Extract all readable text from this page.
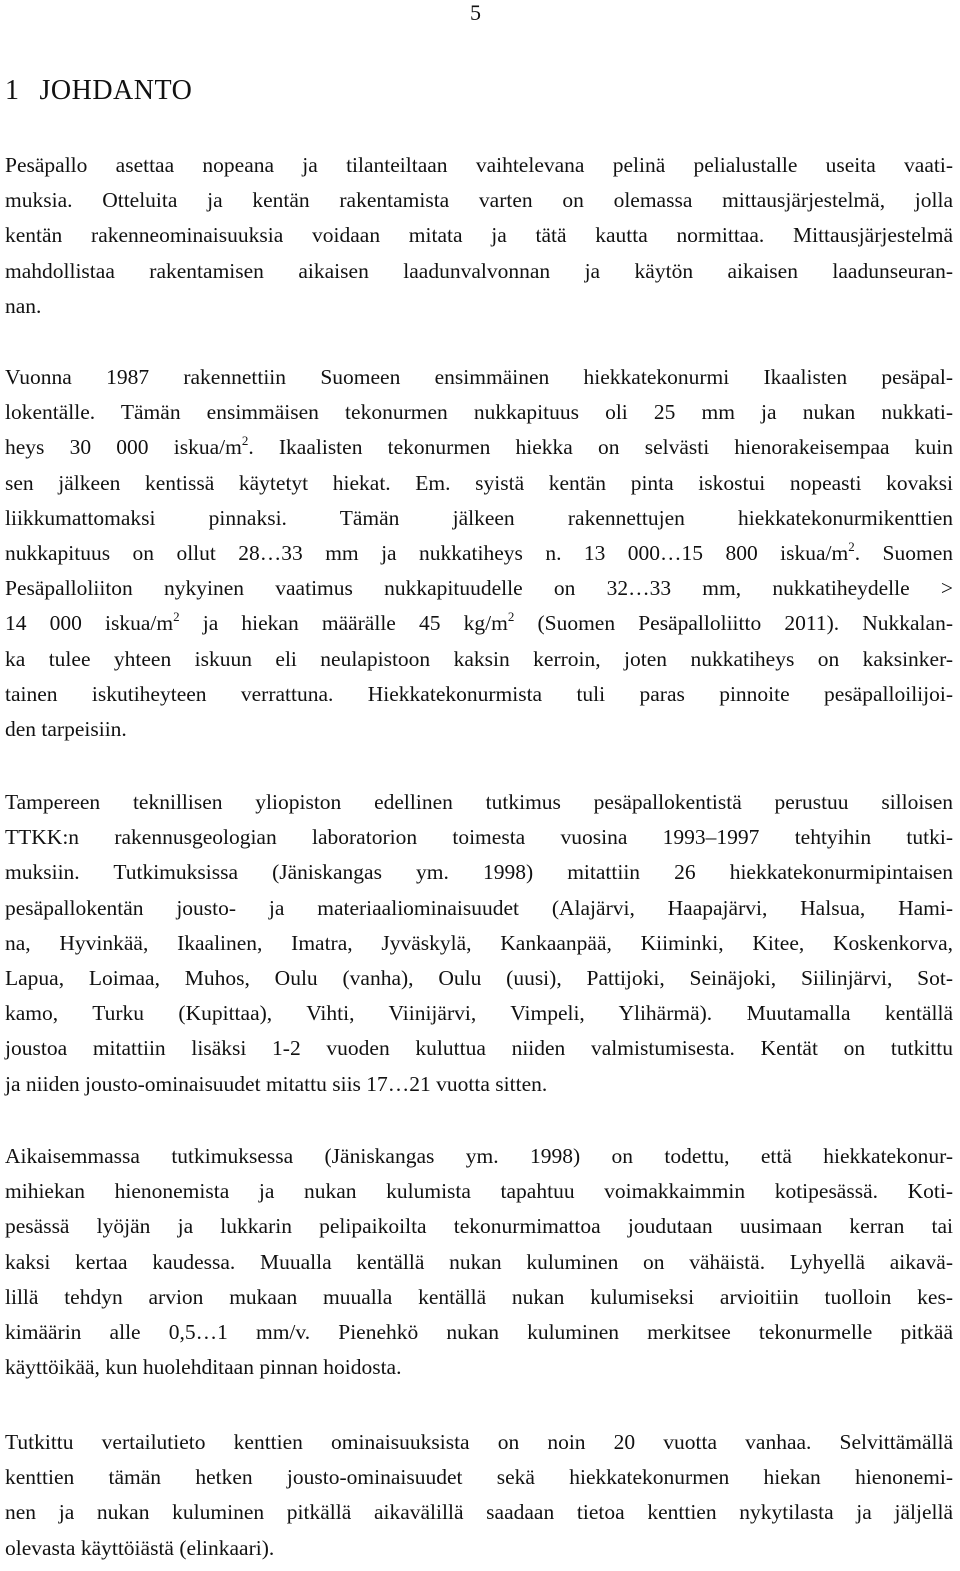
5
1 JOHDANTO

Pesäpallo asettaa nopeana ja tilanteiltaan vaihtelevana pelinä pelialustalle useita vaati-
muksia. Otteluita ja kentän rakentamista varten on olemassa mittausjärjestelmä, jolla
kentän rakenneominaisuuksia voidaan mitata ja tätä kautta normittaa. Mittausjärjestelmä
mahdollistaa rakentamisen aikaisen laadunvalvonnan ja käytön aikaisen laadunseuran-
nan.

Vuonna 1987 rakennettiin Suomeen ensimmäinen hiekkatekonurmi Ikaalisten pesäpal-
lokentälle. Tämän ensimmäisen tekonurmen nukkapituus oli 25 mm ja nukan nukkati-
heys 30 000 iskua/$m^2$. Ikaalisten tekonurmen hiekka on selvästi hienorakeisempaa kuin
sen jälkeen kentissä käytetyt hiekat. Em. syistä kentän pinta iskostui nopeasti kovaksi
liikkumattomaksi pinnaksi. Tämän jälkeen rakennettujen hiekkatekonurmikenttien
nukkapituus on ollut 28…33 mm ja nukkatiheys n. 13 000…15 800 iskua/$m^2$. Suomen
Pesäpalloliiton nykyinen vaatimus nukkapituudelle on 32…33 mm, nukkatiheydelle >
14 000 iskua/$m^2$ ja hiekan määrälle 45 $kg/m^2$ (Suomen Pesäpalloliitto 2011). Nukkalan-
ka tulee yhteen iskuun eli neulapistoon kaksin kerroin, joten nukkatiheys on kaksinker-
tainen iskutiheyteen verrattuna. Hiekkatekonurmista tuli paras pinnoite pesäpalloilijoi-
den tarpeisiin.

Tampereen teknillisen yliopiston edellinen tutkimus pesäpallokentistä perustuu silloisen
TTKK:n rakennusgeologian laboratorion toimesta vuosina 1993–1997 tehtyihin tutki-
muksiin. Tutkimuksissa (Jäniskangas ym. 1998) mitattiin 26 hiekkatekonurmipintaisen
pesäpallokentän jousto- ja materiaaliominaisuudet (Alajärvi, Haapajärvi, Halsua, Hami-
na, Hyvinkää, Ikaalinen, Imatra, Jyväskylä, Kankaanpää, Kiiminki, Kitee, Koskenkorva,
Lapua, Loimaa, Muhos, Oulu (vanha), Oulu (uusi), Pattijoki, Seinäjoki, Siilinjärvi, Sot-
kamo, Turku (Kupittaa), Vihti, Viinijärvi, Vimpeli, Ylihärmä). Muutamalla kentällä
joustoa mitattiin lisäksi 1-2 vuoden kuluttua niiden valmistumisesta. Kentät on tutkittu
ja niiden jousto-ominaisuudet mitattu siis 17…21 vuotta sitten.

Aikaisemmassa tutkimuksessa (Jäniskangas ym. 1998) on todettu, että hiekkatekonur-
mihiekan hienonemista ja nukan kulumista tapahtuu voimakkaimmin kotipesässä. Koti-
pesässä lyöjän ja lukkarin pelipaikoilta tekonurmimattoa joudutaan uusimaan kerran tai
kaksi kertaa kaudessa. Muualla kentällä nukan kuluminen on vähäistä. Lyhyellä aikavä-
lillä tehdyn arvion mukaan muualla kentällä nukan kulumiseksi arvioitiin tuolloin kes-
kimäärin alle 0,5…1 mm/v. Pienehkö nukan kuluminen merkitsee tekonurmelle pitkää
käyttöikää, kun huolehditaan pinnan hoidosta.

Tutkittu vertailutieto kenttien ominaisuuksista on noin 20 vuotta vanhaa. Selvittämällä
kenttien tämän hetken jousto-ominaisuudet sekä hiekkatekonurmen hiekan hienonemi-
nen ja nukan kuluminen pitkällä aikavälillä saadaan tietoa kenttien nykytilasta ja jäljellä
olevasta käyttöiästä (elinkaari).
